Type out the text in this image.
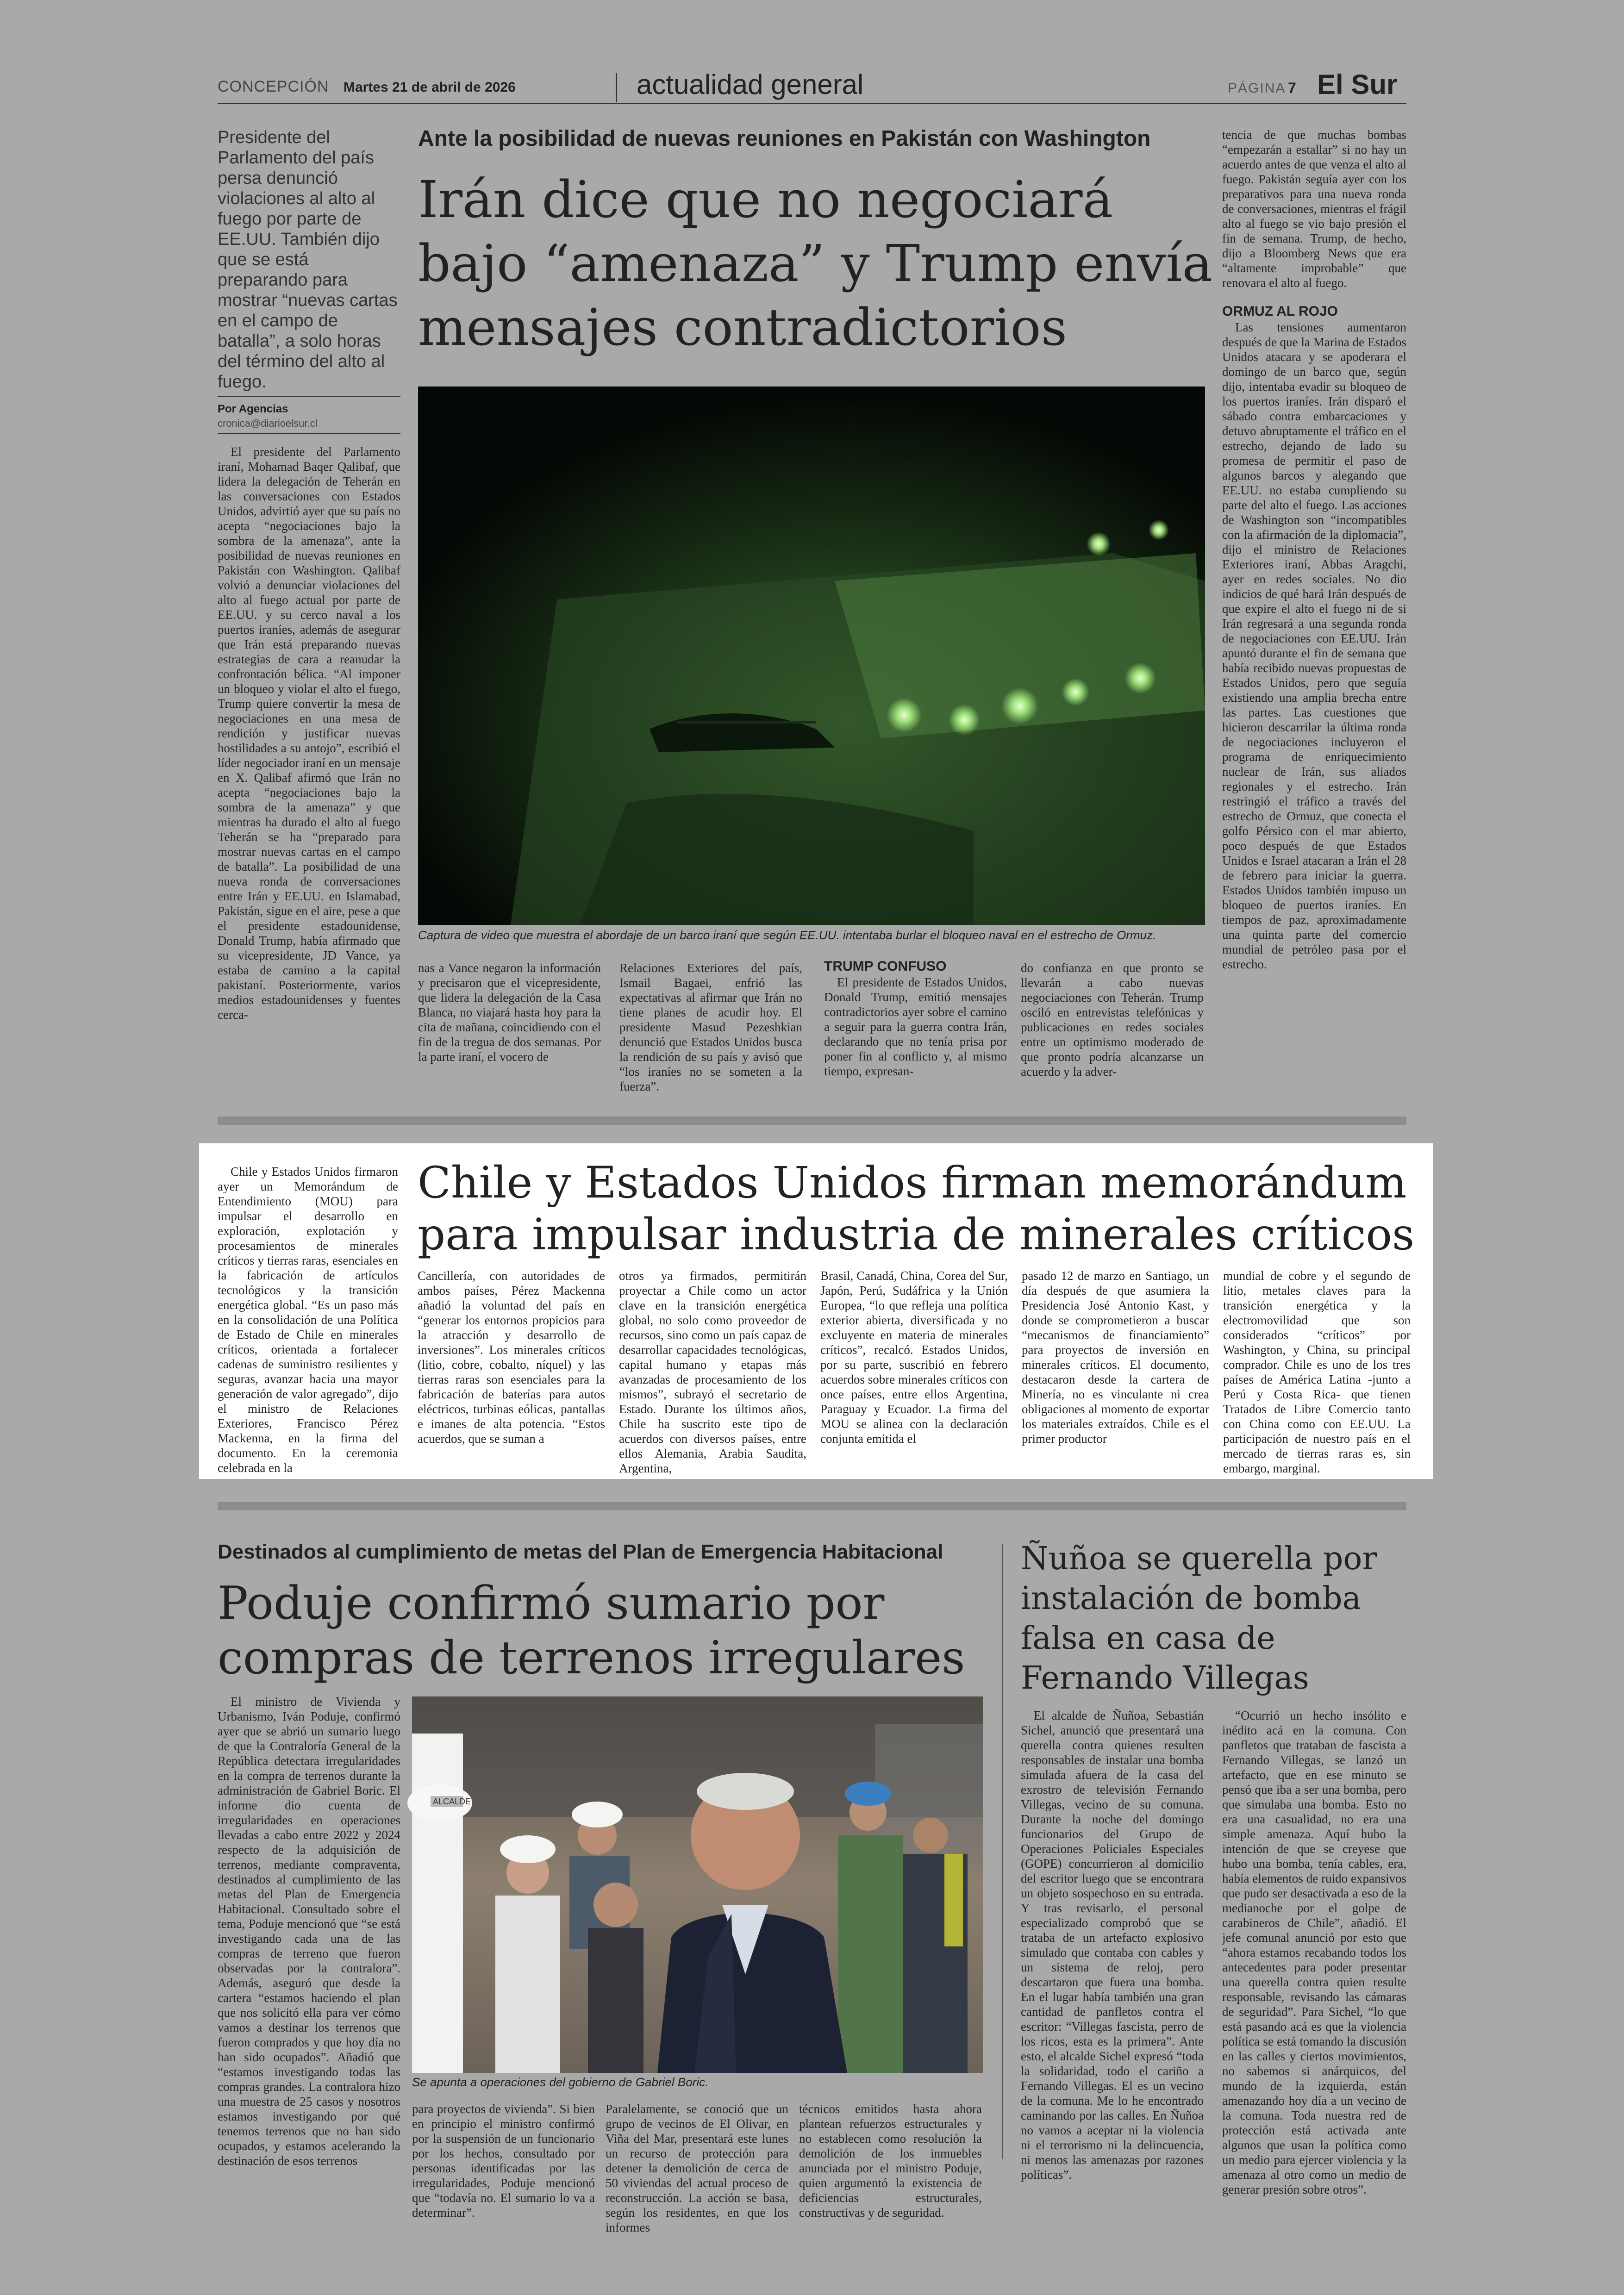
CONCEPCIÓN Martes 21 de abril de 2026	actualidad general	PÁGINA 7 El Sur
Presidente del Parlamento del país persa denunció violaciones al alto al fuego por parte de EE.UU. También dijo que se está preparando para mostrar “nuevas cartas en el campo de batalla”, a solo horas del término del alto al fuego.
Por Agencias
cronica@diarioelsur.cl

El presidente del Parlamento iraní, Mohamad Baqer Qalibaf, que lidera la delegación de Teherán en las conversaciones con Estados Unidos, advirtió ayer que su país no acepta “negociaciones bajo la sombra de la amenaza”, ante la posibilidad de nuevas reuniones en Pakistán con Washington. Qalibaf volvió a denunciar violaciones del alto al fuego actual por parte de EE.UU. y su cerco naval a los puertos iraníes, además de asegurar que Irán está preparando nuevas estrategias de cara a reanudar la confrontación bélica. “Al imponer un bloqueo y violar el alto el fuego, Trump quiere convertir la mesa de negociaciones en una mesa de rendición y justificar nuevas hostilidades a su antojo”, escribió el líder negociador iraní en un mensaje en X. Qalibaf afirmó que Irán no acepta “negociaciones bajo la sombra de la amenaza” y que mientras ha durado el alto al fuego Teherán se ha “preparado para mostrar nuevas cartas en el campo de batalla”. La posibilidad de una nueva ronda de conversaciones entre Irán y EE.UU. en Islamabad, Pakistán, sigue en el aire, pese a que el presidente estadounidense, Donald Trump, había afirmado que su vicepresidente, JD Vance, ya estaba de camino a la capital pakistaní. Posteriormente, varios medios estadounidenses y fuentes cerca-

Ante la posibilidad de nuevas reuniones en Pakistán con Washington
Irán dice que no negociará bajo “amenaza” y Trump envía mensajes contradictorios
Captura de video que muestra el abordaje de un barco iraní que según EE.UU. intentaba burlar el bloqueo naval en el estrecho de Ormuz.

nas a Vance negaron la información y precisaron que el vicepresidente, que lidera la delegación de la Casa Blanca, no viajará hasta hoy para la cita de mañana, coincidiendo con el fin de la tregua de dos semanas. Por la parte iraní, el vocero de

Relaciones Exteriores del país, Ismail Bagaei, enfrió las expectativas al afirmar que Irán no tiene planes de acudir hoy. El presidente Masud Pezeshkian denunció que Estados Unidos busca la rendición de su país y avisó que “los iraníes no se someten a la fuerza”.

TRUMP CONFUSO

El presidente de Estados Unidos, Donald Trump, emitió mensajes contradictorios ayer sobre el camino a seguir para la guerra contra Irán, declarando que no tenía prisa por poner fin al conflicto y, al mismo tiempo, expresan-

do confianza en que pronto se llevarán a cabo nuevas negociaciones con Teherán. Trump osciló en entrevistas telefónicas y publicaciones en redes sociales entre un optimismo moderado de que pronto podría alcanzarse un acuerdo y la adver-

tencia de que muchas bombas “empezarán a estallar” si no hay un acuerdo antes de que venza el alto al fuego. Pakistán seguía ayer con los preparativos para una nueva ronda de conversaciones, mientras el frágil alto al fuego se vio bajo presión el fin de semana. Trump, de hecho, dijo a Bloomberg News que era “altamente improbable” que renovara el alto al fuego.

ORMUZ AL ROJO

Las tensiones aumentaron después de que la Marina de Estados Unidos atacara y se apoderara el domingo de un barco que, según dijo, intentaba evadir su bloqueo de los puertos iraníes. Irán disparó el sábado contra embarcaciones y detuvo abruptamente el tráfico en el estrecho, dejando de lado su promesa de permitir el paso de algunos barcos y alegando que EE.UU. no estaba cumpliendo su parte del alto el fuego. Las acciones de Washington son “incompatibles con la afirmación de la diplomacia”, dijo el ministro de Relaciones Exteriores iraní, Abbas Aragchi, ayer en redes sociales. No dio indicios de qué hará Irán después de que expire el alto el fuego ni de si Irán regresará a una segunda ronda de negociaciones con EE.UU. Irán apuntó durante el fin de semana que había recibido nuevas propuestas de Estados Unidos, pero que seguía existiendo una amplia brecha entre las partes. Las cuestiones que hicieron descarrilar la última ronda de negociaciones incluyeron el programa de enriquecimiento nuclear de Irán, sus aliados regionales y el estrecho. Irán restringió el tráfico a través del estrecho de Ormuz, que conecta el golfo Pérsico con el mar abierto, poco después de que Estados Unidos e Israel atacaran a Irán el 28 de febrero para iniciar la guerra. Estados Unidos también impuso un bloqueo de puertos iraníes. En tiempos de paz, aproximadamente una quinta parte del comercio mundial de petróleo pasa por el estrecho.

Chile y Estados Unidos firmaron ayer un Memorándum de Entendimiento (MOU) para impulsar el desarrollo en exploración, explotación y procesamientos de minerales críticos y tierras raras, esenciales en la fabricación de artículos tecnológicos y la transición energética global. “Es un paso más en la consolidación de una Política de Estado de Chile en minerales críticos, orientada a fortalecer cadenas de suministro resilientes y seguras, avanzar hacia una mayor generación de valor agregado”, dijo el ministro de Relaciones Exteriores, Francisco Pérez Mackenna, en la firma del documento. En la ceremonia celebrada en la

Chile y Estados Unidos firman memorándum para impulsar industria de minerales críticos

Cancillería, con autoridades de ambos países, Pérez Mackenna añadió la voluntad del país en “generar los entornos propicios para la atracción y desarrollo de inversiones”. Los minerales críticos (litio, cobre, cobalto, níquel) y las tierras raras son esenciales para la fabricación de baterías para autos eléctricos, turbinas eólicas, pantallas e imanes de alta potencia. “Estos acuerdos, que se suman a

otros ya firmados, permitirán proyectar a Chile como un actor clave en la transición energética global, no solo como proveedor de recursos, sino como un país capaz de desarrollar capacidades tecnológicas, capital humano y etapas más avanzadas de procesamiento de los mismos”, subrayó el secretario de Estado. Durante los últimos años, Chile ha suscrito este tipo de acuerdos con diversos países, entre ellos Alemania, Arabia Saudita, Argentina,

Brasil, Canadá, China, Corea del Sur, Japón, Perú, Sudáfrica y la Unión Europea, “lo que refleja una política exterior abierta, diversificada y no excluyente en materia de minerales críticos”, recalcó. Estados Unidos, por su parte, suscribió en febrero acuerdos sobre minerales críticos con once países, entre ellos Argentina, Paraguay y Ecuador. La firma del MOU se alinea con la declaración conjunta emitida el

pasado 12 de marzo en Santiago, un día después de que asumiera la Presidencia José Antonio Kast, y donde se comprometieron a buscar “mecanismos de financiamiento” para proyectos de inversión en minerales críticos. El documento, destacaron desde la cartera de Minería, no es vinculante ni crea obligaciones al momento de exportar los materiales extraídos. Chile es el primer productor

mundial de cobre y el segundo de litio, metales claves para la transición energética y la electromovilidad que son considerados “críticos” por Washington, y China, su principal comprador. Chile es uno de los tres países de América Latina -junto a Perú y Costa Rica- que tienen Tratados de Libre Comercio tanto con China como con EE.UU. La participación de nuestro país en el mercado de tierras raras es, sin embargo, marginal.

Destinados al cumplimiento de metas del Plan de Emergencia Habitacional
Poduje confirmó sumario por compras de terrenos irregulares

El ministro de Vivienda y Urbanismo, Iván Poduje, confirmó ayer que se abrió un sumario luego de que la Contraloría General de la República detectara irregularidades en la compra de terrenos durante la administración de Gabriel Boric. El informe dio cuenta de irregularidades en operaciones llevadas a cabo entre 2022 y 2024 respecto de la adquisición de terrenos, mediante compraventa, destinados al cumplimiento de las metas del Plan de Emergencia Habitacional. Consultado sobre el tema, Poduje mencionó que “se está investigando cada una de las compras de terreno que fueron observadas por la contralora”. Además, aseguró que desde la cartera “estamos haciendo el plan que nos solicitó ella para ver cómo vamos a destinar los terrenos que fueron comprados y que hoy día no han sido ocupados”. Añadió que “estamos investigando todas las compras grandes. La contralora hizo una muestra de 25 casos y nosotros estamos investigando por qué tenemos terrenos que no han sido ocupados, y estamos acelerando la destinación de esos terrenos

ALCALDE
Se apunta a operaciones del gobierno de Gabriel Boric.

para proyectos de vivienda”. Si bien en principio el ministro confirmó por la suspensión de un funcionario por los hechos, consultado por personas identificadas por las irregularidades, Poduje mencionó que “todavía no. El sumario lo va a determinar”.

Paralelamente, se conoció que un grupo de vecinos de El Olivar, en Viña del Mar, presentará este lunes un recurso de protección para detener la demolición de cerca de 50 viviendas del actual proceso de reconstrucción. La acción se basa, según los residentes, en que los informes

técnicos emitidos hasta ahora plantean refuerzos estructurales y no establecen como resolución la demolición de los inmuebles anunciada por el ministro Poduje, quien argumentó la existencia de deficiencias estructurales, constructivas y de seguridad.

Ñuñoa se querella por instalación de bomba falsa en casa de Fernando Villegas

El alcalde de Ñuñoa, Sebastián Sichel, anunció que presentará una querella contra quienes resulten responsables de instalar una bomba simulada afuera de la casa del exrostro de televisión Fernando Villegas, vecino de su comuna. Durante la noche del domingo funcionarios del Grupo de Operaciones Policiales Especiales (GOPE) concurrieron al domicilio del escritor luego que se encontrara un objeto sospechoso en su entrada. Y tras revisarlo, el personal especializado comprobó que se trataba de un artefacto explosivo simulado que contaba con cables y un sistema de reloj, pero descartaron que fuera una bomba. En el lugar había también una gran cantidad de panfletos contra el escritor: “Villegas fascista, perro de los ricos, esta es la primera”. Ante esto, el alcalde Sichel expresó “toda la solidaridad, todo el cariño a Fernando Villegas. El es un vecino de la comuna. Me lo he encontrado caminando por las calles. En Ñuñoa no vamos a aceptar ni la violencia ni el terrorismo ni la delincuencia, ni menos las amenazas por razones políticas”.

“Ocurrió un hecho insólito e inédito acá en la comuna. Con panfletos que trataban de fascista a Fernando Villegas, se lanzó un artefacto, que en ese minuto se pensó que iba a ser una bomba, pero que simulaba una bomba. Esto no era una casualidad, no era una simple amenaza. Aquí hubo la intención de que se creyese que hubo una bomba, tenía cables, era, había elementos de ruido expansivos que pudo ser desactivada a eso de la medianoche por el golpe de carabineros de Chile”, añadió. El jefe comunal anunció por esto que “ahora estamos recabando todos los antecedentes para poder presentar una querella contra quien resulte responsable, revisando las cámaras de seguridad”. Para Sichel, “lo que está pasando acá es que la violencia política se está tomando la discusión en las calles y ciertos movimientos, no sabemos si anárquicos, del mundo de la izquierda, están amenazando hoy día a un vecino de la comuna. Toda nuestra red de protección está activada ante algunos que usan la política como un medio para ejercer violencia y la amenaza al otro como un medio de generar presión sobre otros”.
